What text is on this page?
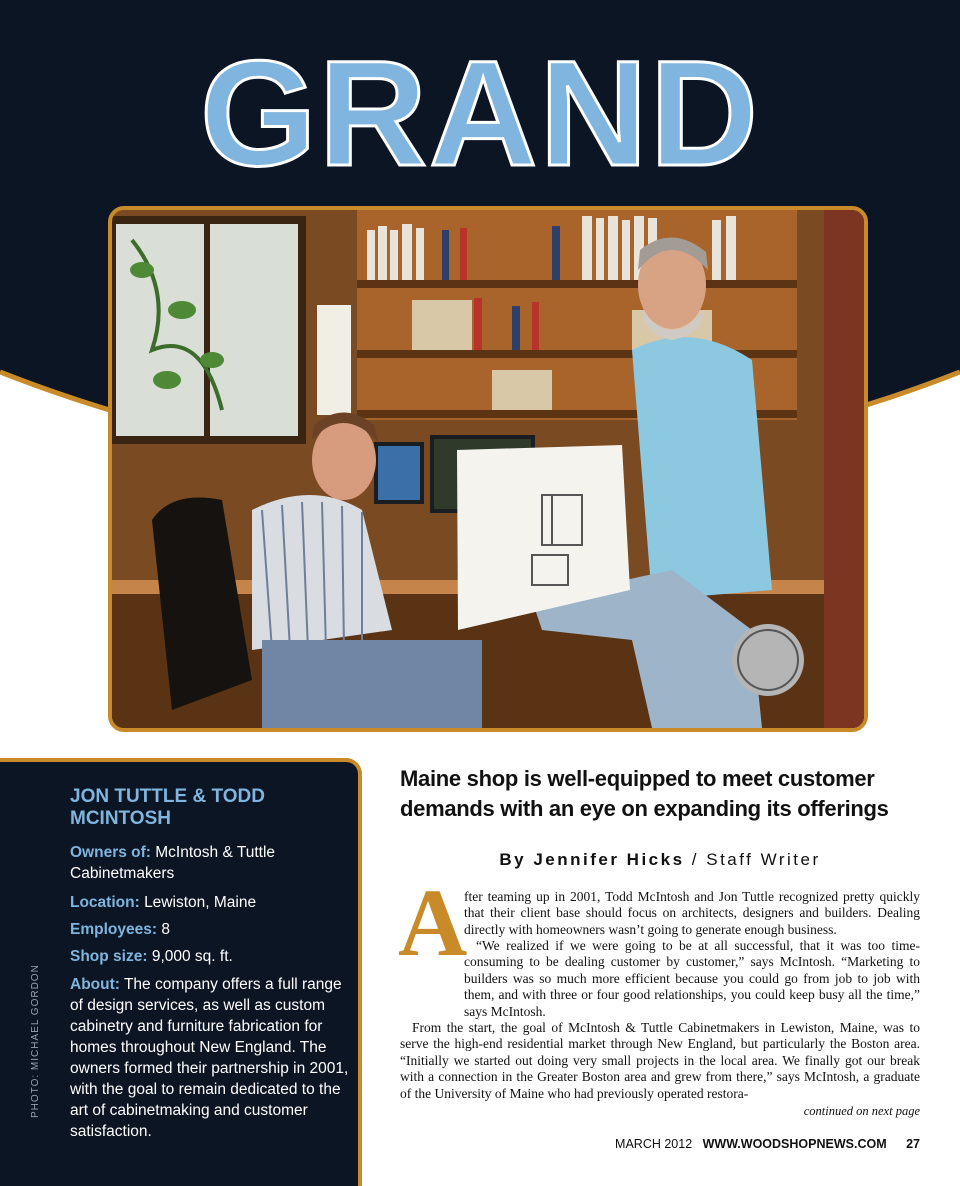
GRAND
JON TUTTLE & TODD MCINTOSH
Owners of: McIntosh & Tuttle Cabinetmakers
Location: Lewiston, Maine
Employees: 8
Shop size: 9,000 sq. ft.
About: The company offers a full range of design services, as well as custom cabinetry and furniture fabrication for homes throughout New England. The owners formed their partnership in 2001, with the goal to remain dedicated to the art of cabinetmaking and customer satisfaction.
PHOTO: MICHAEL GORDON
Maine shop is well-equipped to meet customer demands with an eye on expanding its offerings
By Jennifer Hicks / Staff Writer
A
fter teaming up in 2001, Todd McIntosh and Jon Tuttle recognized pretty quickly that their client base should focus on architects, designers and builders. Dealing directly with homeowners wasn’t going to generate enough business.
“We realized if we were going to be at all successful, that it was too time-consuming to be dealing customer by customer,” says McIntosh. “Marketing to builders was so much more efficient because you could go from job to job with them, and with three or four good relationships, you could keep busy all the time,” says McIntosh.
From the start, the goal of McIntosh & Tuttle Cabinetmakers in Lewiston, Maine, was to serve the high-end residential market through New England, but particularly the Boston area. “Initially we started out doing very small projects in the local area. We finally got our break with a connection in the Greater Boston area and grew from there,” says McIntosh, a graduate of the University of Maine who had previously operated restora-
continued on next page
MARCH 2012 WWW.WOODSHOPNEWS.COM 27
